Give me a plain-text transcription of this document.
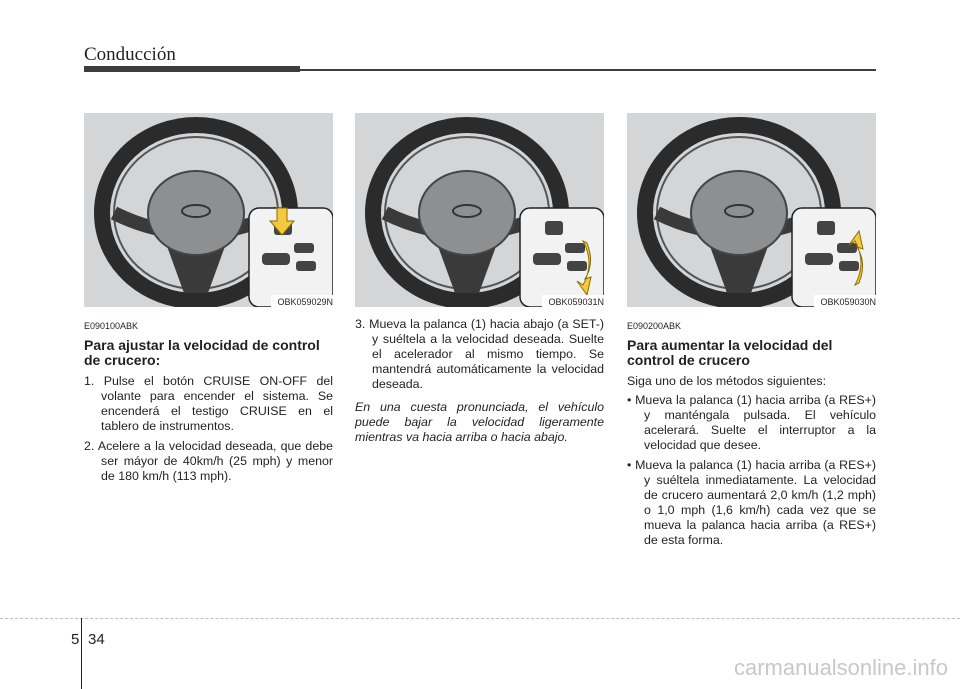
Conducción
OBK059029N
E090100ABK
Para ajustar la velocidad de control de crucero:
1. Pulse el botón CRUISE ON-OFF del volante para encender el sistema. Se encenderá el testigo CRUISE en el tablero de instrumentos.
2. Acelere a la velocidad deseada, que debe ser máyor de 40km/h (25 mph) y menor de 180 km/h (113 mph).
OBK059031N
3. Mueva la palanca (1) hacia abajo (a SET-) y suéltela a la velocidad deseada. Suelte el acelerador al mismo tiempo. Se mantendrá automáticamente la velocidad deseada.

En una cuesta pronunciada, el vehículo puede bajar la velocidad ligeramente mientras va hacia arriba o hacia abajo.

OBK059030N
E090200ABK
Para aumentar la velocidad del control de crucero

Siga uno de los métodos siguientes:

• Mueva la palanca (1) hacia arriba (a RES+) y manténgala pulsada. El vehículo acelerará. Suelte el interruptor a la velocidad que desee.
• Mueva la palanca (1) hacia arriba (a RES+) y suéltela inmediatamente. La velocidad de crucero aumentará 2,0 km/h (1,2 mph) o 1,0 mph (1,6 km/h) cada vez que se mueva la palanca hacia arriba (a RES+) de esta forma.
5 34
carmanualsonline.info
